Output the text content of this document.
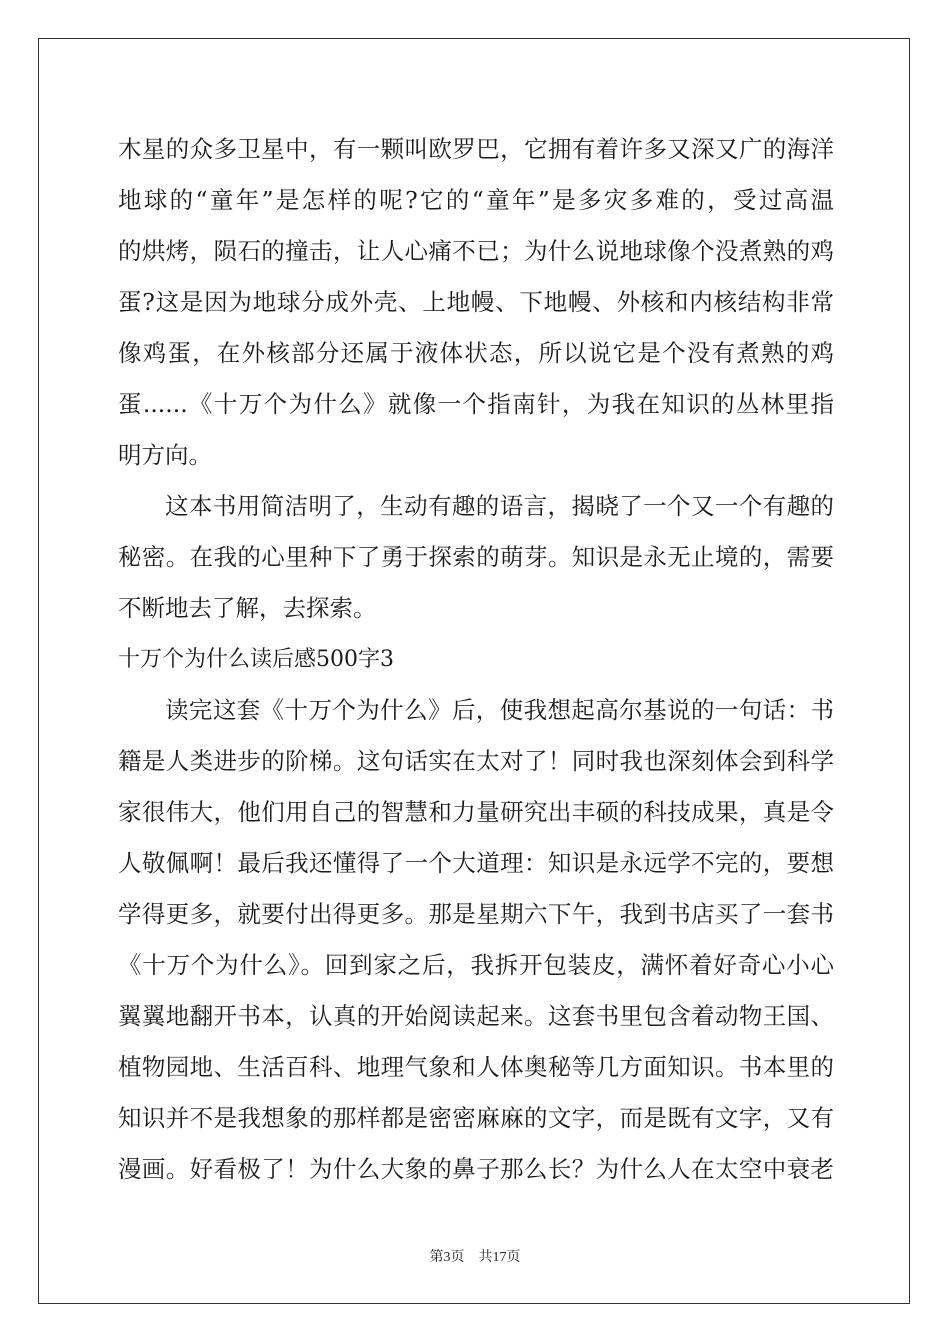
木星的众多卫星中，有一颗叫欧罗巴，它拥有着许多又深又广的海洋
地球的“童年”是怎样的呢?它的“童年”是多灾多难的，受过高温
的烘烤，陨石的撞击，让人心痛不已；为什么说地球像个没煮熟的鸡
蛋?这是因为地球分成外壳、上地幔、下地幔、外核和内核结构非常
像鸡蛋，在外核部分还属于液体状态，所以说它是个没有煮熟的鸡
蛋......《十万个为什么》就像一个指南针，为我在知识的丛林里指
明方向。
这本书用简洁明了，生动有趣的语言，揭晓了一个又一个有趣的
秘密。在我的心里种下了勇于探索的萌芽。知识是永无止境的，需要
不断地去了解，去探索。
十万个为什么读后感500字3
读完这套《十万个为什么》后，使我想起高尔基说的一句话：书
籍是人类进步的阶梯。这句话实在太对了！同时我也深刻体会到科学
家很伟大，他们用自己的智慧和力量研究出丰硕的科技成果，真是令
人敬佩啊！最后我还懂得了一个大道理：知识是永远学不完的，要想
学得更多，就要付出得更多。那是星期六下午，我到书店买了一套书
《十万个为什么》。回到家之后，我拆开包装皮，满怀着好奇心小心
翼翼地翻开书本，认真的开始阅读起来。这套书里包含着动物王国、
植物园地、生活百科、地理气象和人体奥秘等几方面知识。书本里的
知识并不是我想象的那样都是密密麻麻的文字，而是既有文字，又有
漫画。好看极了！为什么大象的鼻子那么长？为什么人在太空中衰老
第3页 共17页
